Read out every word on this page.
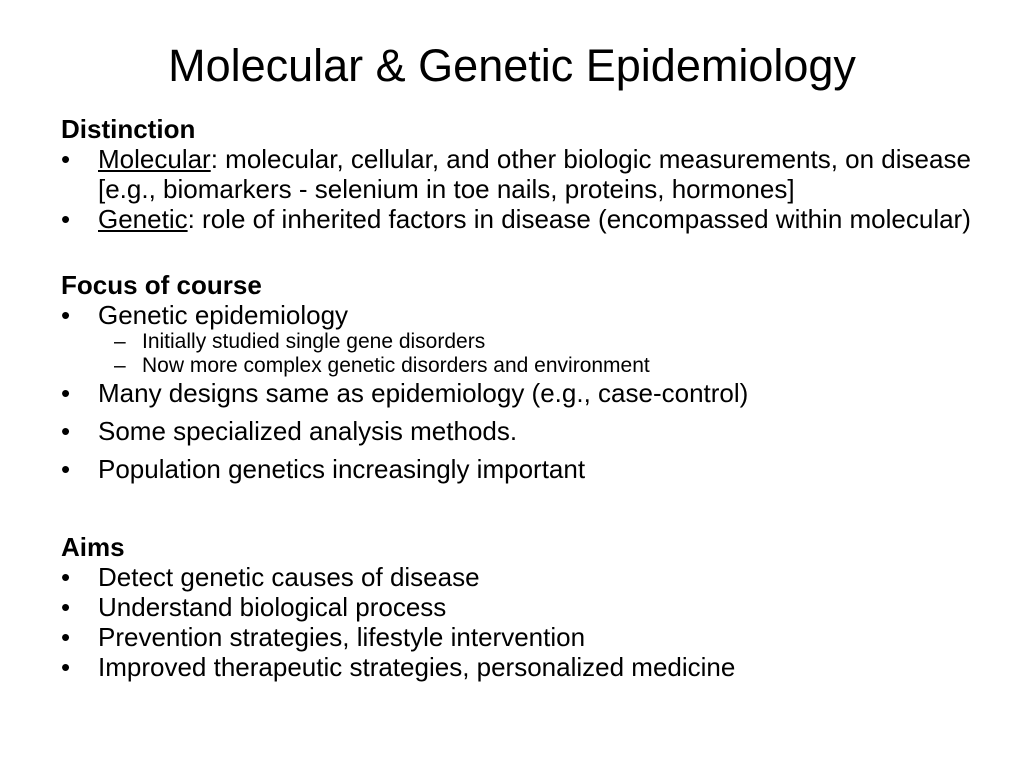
Molecular & Genetic Epidemiology
Distinction
• Molecular: molecular, cellular, and other biologic measurements, on disease [e.g., biomarkers - selenium in toe nails, proteins, hormones]
• Genetic: role of inherited factors in disease (encompassed within molecular)
Focus of course
• Genetic epidemiology
– Initially studied single gene disorders
– Now more complex genetic disorders and environment
• Many designs same as epidemiology (e.g., case-control)
• Some specialized analysis methods.
• Population genetics increasingly important
Aims
• Detect genetic causes of disease
• Understand biological process
• Prevention strategies, lifestyle intervention
• Improved therapeutic strategies, personalized medicine
